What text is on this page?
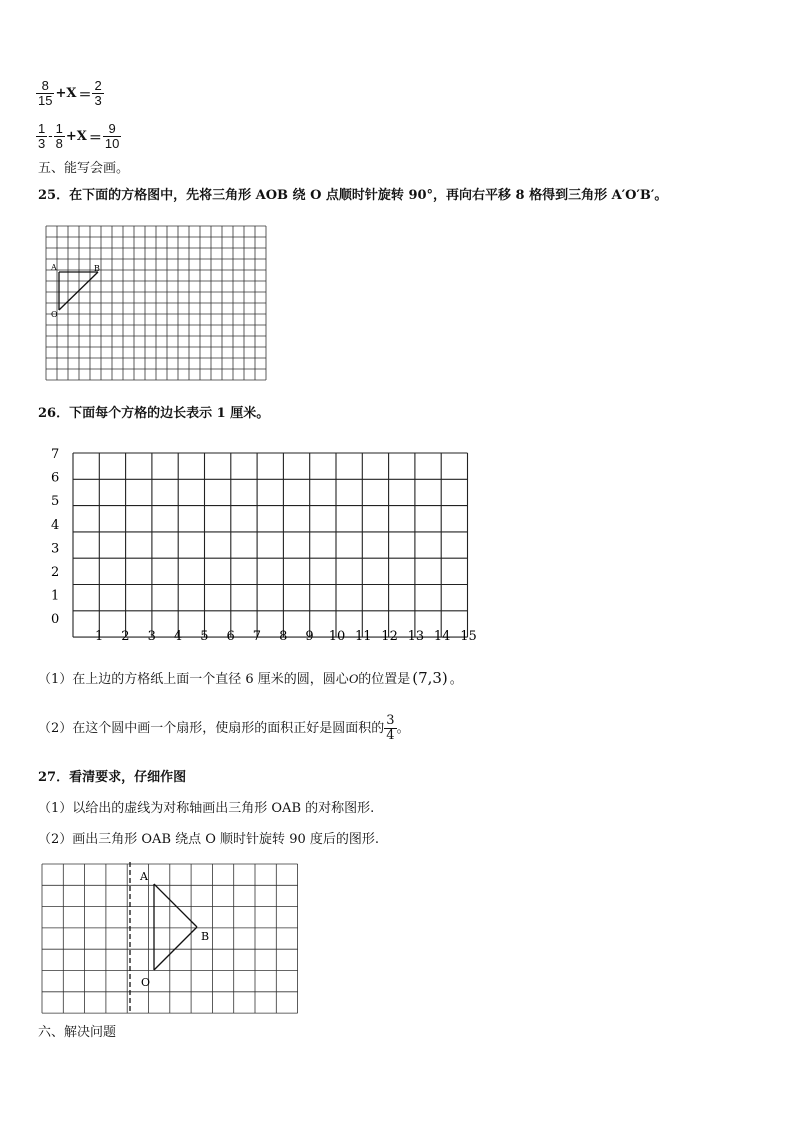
$\frac{8}{15} +X = \frac{2}{3}$
$\frac{1}{3} - \frac{1}{8} +X = \frac{9}{10}$
五、能写会画。
25．在下面的方格图中，先将三角形 AOB 绕 O 点顺时针旋转 90°，再向右平移 8 格得到三角形 A′O′B′。
A	B
O
26．下面每个方格的边长表示 1 厘米。
7
6
5
4
3
2
1
0
1 2 3 4 5 6 7 8 9 10 11 12 13 14 15
（1）在上边的方格纸上面一个直径 6 厘米的圆，圆心O的位置是 (7,3) 。
（2）在这个圆中画一个扇形，使扇形的面积正好是圆面积的 $\frac{3}{4}$ 。
27．看清要求，仔细作图
（1）以给出的虚线为对称轴画出三角形 OAB 的对称图形.
（2）画出三角形 OAB 绕点 O 顺时针旋转 90 度后的图形.
A
B
O
六、解决问题
